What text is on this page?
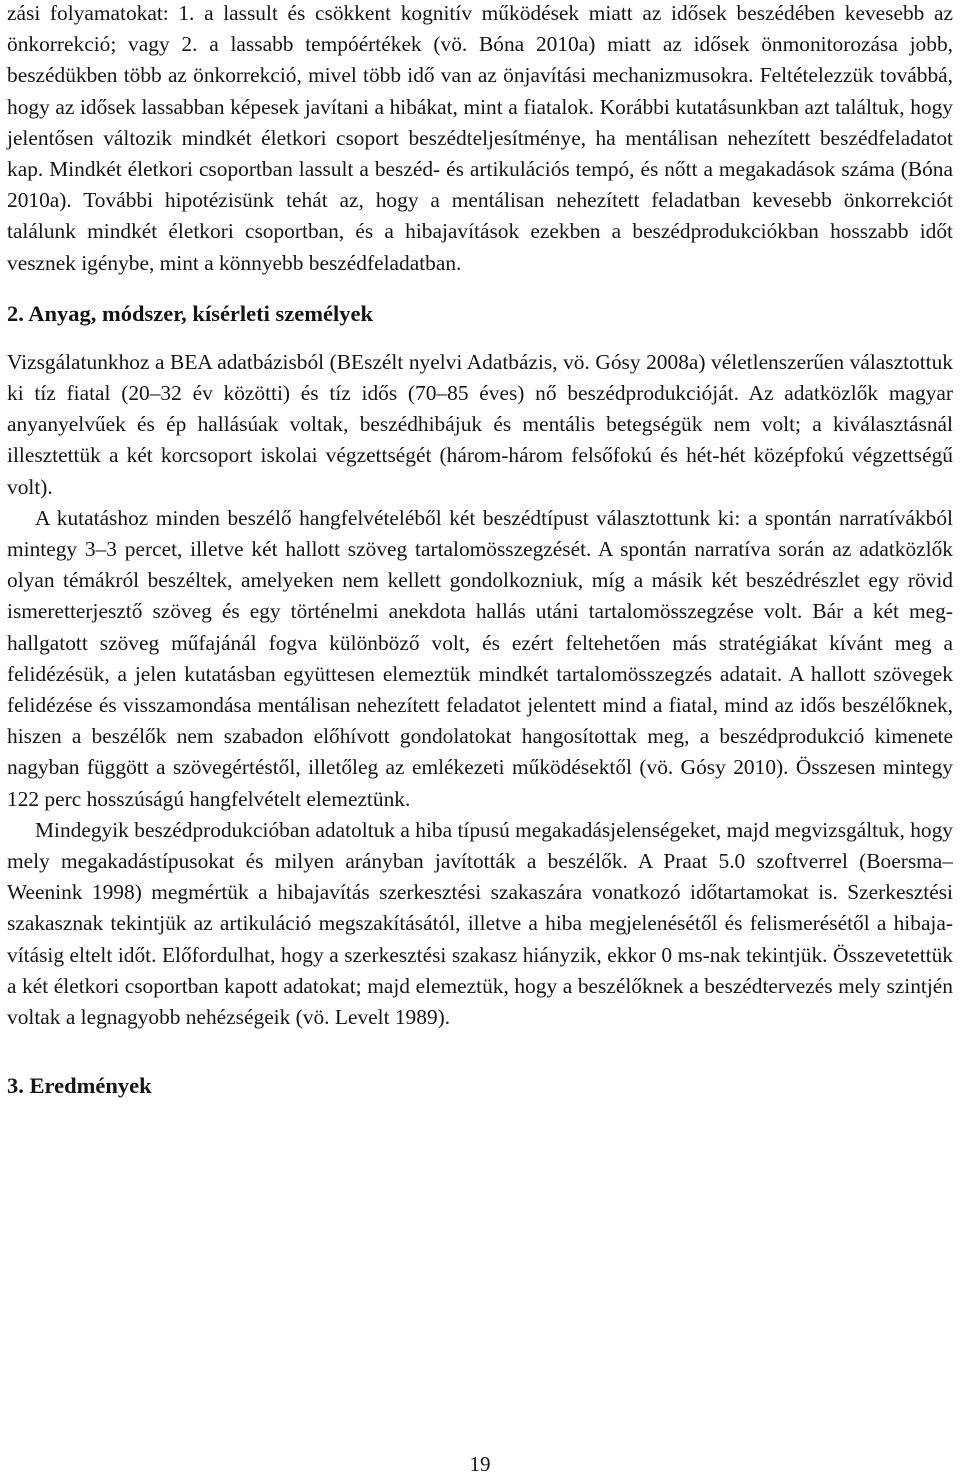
zási folyamatokat: 1. a lassult és csökkent kognitív működések miatt az idősek beszédében kevesebb az önkorrekció; vagy 2. a lassabb tempóértékek (vö. Bóna 2010a) miatt az idősek önmonitorozása jobb, beszédükben több az önkorrekció, mivel több idő van az önjavítási mechanizmusokra. Feltételezzük továbbá, hogy az idősek lassabban képesek javítani a hibákat, mint a fiatalok. Korábbi kutatásunkban azt találtuk, hogy jelentősen változik mindkét életkori csoport beszédteljesítménye, ha mentálisan nehezített beszédfeladatot kap. Mindkét életkori csoportban lassult a beszéd- és artikulációs tempó, és nőtt a megakadások száma (Bóna 2010a). További hipotézisünk tehát az, hogy a mentálisan nehezített feladatban kevesebb önkorrekciót találunk mindkét életkori csoportban, és a hibajavítások ezekben a beszédprodukciókban hosszabb időt vesznek igénybe, mint a könnyebb beszédfeladatban.

2. Anyag, módszer, kísérleti személyek

Vizsgálatunkhoz a BEA adatbázisból (BEszélt nyelvi Adatbázis, vö. Gósy 2008a) véletlenszerűen választottuk ki tíz fiatal (20–32 év közötti) és tíz idős (70–85 éves) nő beszédprodukcióját. Az adatközlők magyar anyanyelvűek és ép hallásúak voltak, beszédhibájuk és mentális betegségük nem volt; a kiválasztásnál illesztettük a két korcsoport iskolai végzettségét (három-három felsőfokú és hét-hét középfokú végzettségű volt).

A kutatáshoz minden beszélő hangfelvételéből két beszédtípust választottunk ki: a spontán narratívákból mintegy 3–3 percet, illetve két hallott szöveg tartalomösszegzését. A spontán narratíva során az adatközlők olyan témákról beszéltek, amelyeken nem kellett gondolkozniuk, míg a másik két beszédrészlet egy rövid ismeretterjesztő szöveg és egy történelmi anekdota hallás utáni tartalomösszegzése volt. Bár a két meghallgatott szöveg műfajánál fogva különböző volt, és ezért feltehetően más stratégiákat kívánt meg a felidézésük, a jelen kutatásban együttesen elemeztük mindkét tartalomösszegzés adatait. A hallott szövegek felidézése és visszamondása mentálisan nehezített feladatot jelentett mind a fiatal, mind az idős beszélőknek, hiszen a beszélők nem szabadon előhívott gondolatokat hangosítottak meg, a beszédprodukció kimenete nagyban függött a szövegértéstől, illetőleg az emlékezeti működésektől (vö. Gósy 2010). Összesen mintegy 122 perc hosszúságú hangfelvételt elemeztünk.

Mindegyik beszédprodukcióban adatoltuk a hiba típusú megakadásjelenségeket, majd megvizsgáltuk, hogy mely megakadástípusokat és milyen arányban javították a beszélők. A Praat 5.0 szoftverrel (Boersma–Weenink 1998) megmértük a hibajavítás szerkesztési szakaszára vonatkozó időtartamokat is. Szerkesztési szakasznak tekintjük az artikuláció megszakításától, illetve a hiba megjelenésétől és felismerésétől a hibajavításig eltelt időt. Előfordulhat, hogy a szerkesztési szakasz hiányzik, ekkor 0 ms-nak tekintjük. Összevetettük a két életkori csoportban kapott adatokat; majd elemeztük, hogy a beszélőknek a beszédtervezés mely szintjén voltak a legnagyobb nehézségeik (vö. Levelt 1989).

3. Eredmények
19
